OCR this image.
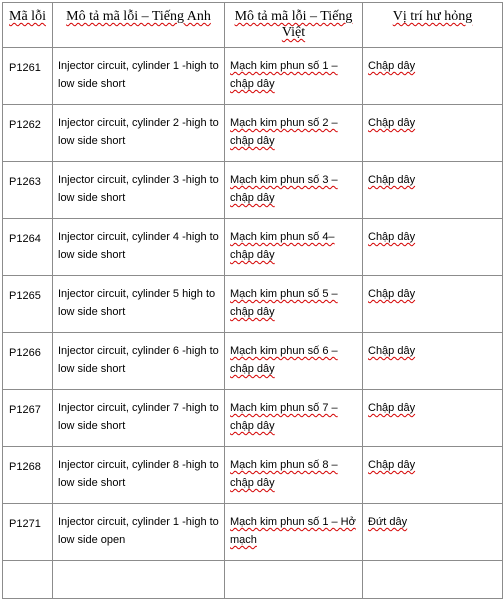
Mã lỗi	Mô tả mã lỗi – Tiếng Anh	Mô tả mã lỗi – Tiếng Việt	Vị trí hư hỏng

P1261	Injector circuit, cylinder 1 -high to low side short	Mạch kim phun số 1 – chập dây	Chập dây

P1262	Injector circuit, cylinder 2 -high to low side short	Mạch kim phun số 2 – chập dây	Chập dây

P1263	Injector circuit, cylinder 3 -high to low side short	Mạch kim phun số 3 – chập dây	Chập dây

P1264	Injector circuit, cylinder 4 -high to low side short	Mạch kim phun số 4– chập dây	Chập dây

P1265	Injector circuit, cylinder 5 high to low side short	Mạch kim phun số 5 – chập dây	Chập dây

P1266	Injector circuit, cylinder 6 -high to low side short	Mạch kim phun số 6 – chập dây	Chập dây

P1267	Injector circuit, cylinder 7 -high to low side short	Mạch kim phun số 7 – chập dây	Chập dây

P1268	Injector circuit, cylinder 8 -high to low side short	Mạch kim phun số 8 – chập dây	Chập dây

P1271	Injector circuit, cylinder 1 -high to low side open	Mạch kim phun số 1 – Hở mạch	Đứt dây
